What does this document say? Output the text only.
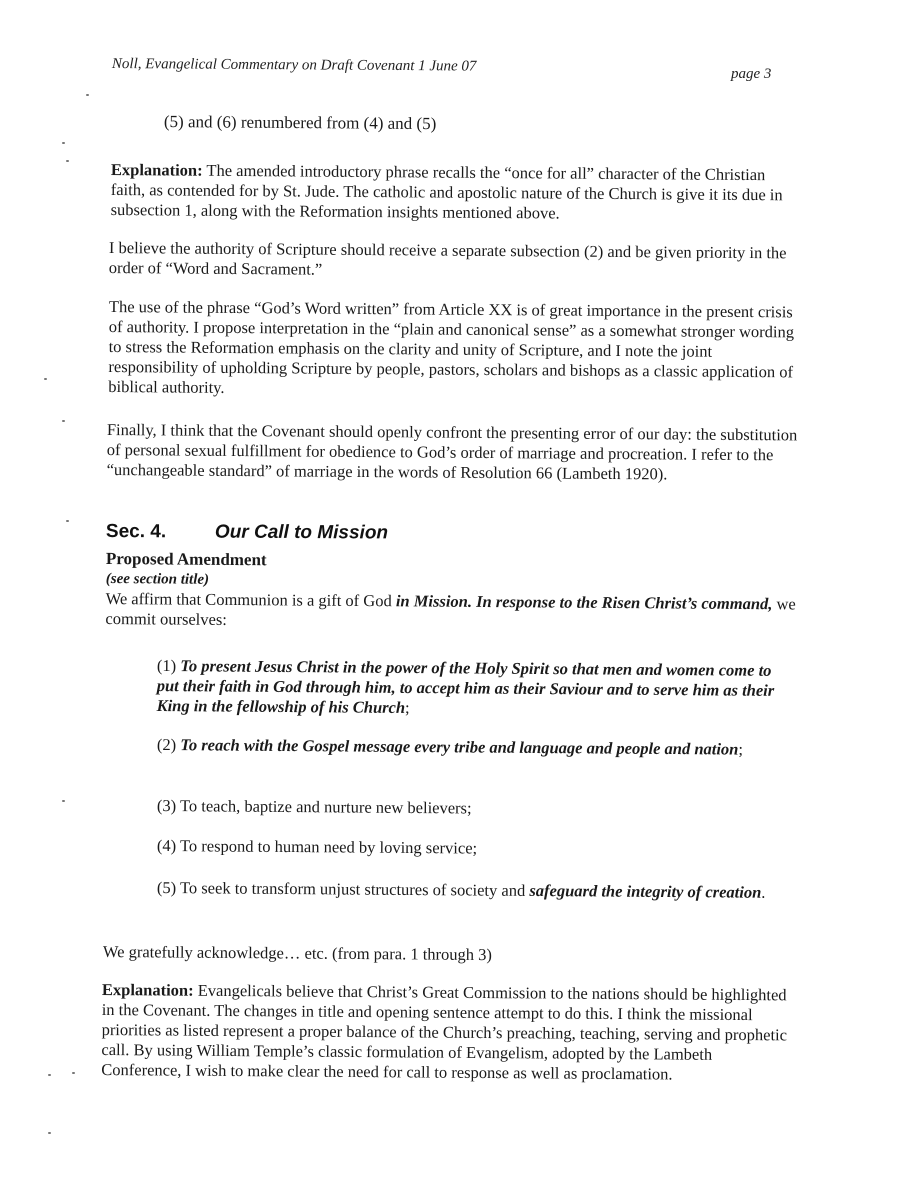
Noll, Evangelical Commentary on Draft Covenant 1 June 07	page 3

(5) and (6) renumbered from (4) and (5)

Explanation: The amended introductory phrase recalls the “once for all” character of the Christian faith, as contended for by St. Jude. The catholic and apostolic nature of the Church is give it its due in subsection 1, along with the Reformation insights mentioned above.

I believe the authority of Scripture should receive a separate subsection (2) and be given priority in the order of “Word and Sacrament.”

The use of the phrase “God’s Word written” from Article XX is of great importance in the present crisis of authority. I propose interpretation in the “plain and canonical sense” as a somewhat stronger wording to stress the Reformation emphasis on the clarity and unity of Scripture, and I note the joint responsibility of upholding Scripture by people, pastors, scholars and bishops as a classic application of biblical authority.

Finally, I think that the Covenant should openly confront the presenting error of our day: the substitution of personal sexual fulfillment for obedience to God’s order of marriage and procreation. I refer to the “unchangeable standard” of marriage in the words of Resolution 66 (Lambeth 1920).

Sec. 4.	Our Call to Mission

Proposed Amendment

(see section title)

We affirm that Communion is a gift of God in Mission. In response to the Risen Christ’s command, we commit ourselves:

(1) To present Jesus Christ in the power of the Holy Spirit so that men and women come to put their faith in God through him, to accept him as their Saviour and to serve him as their King in the fellowship of his Church;

(2) To reach with the Gospel message every tribe and language and people and nation;

(3) To teach, baptize and nurture new believers;

(4) To respond to human need by loving service;

(5) To seek to transform unjust structures of society and safeguard the integrity of creation.

We gratefully acknowledge… etc. (from para. 1 through 3)

Explanation: Evangelicals believe that Christ’s Great Commission to the nations should be highlighted in the Covenant. The changes in title and opening sentence attempt to do this. I think the missional priorities as listed represent a proper balance of the Church’s preaching, teaching, serving and prophetic call. By using William Temple’s classic formulation of Evangelism, adopted by the Lambeth Conference, I wish to make clear the need for call to response as well as proclamation.
